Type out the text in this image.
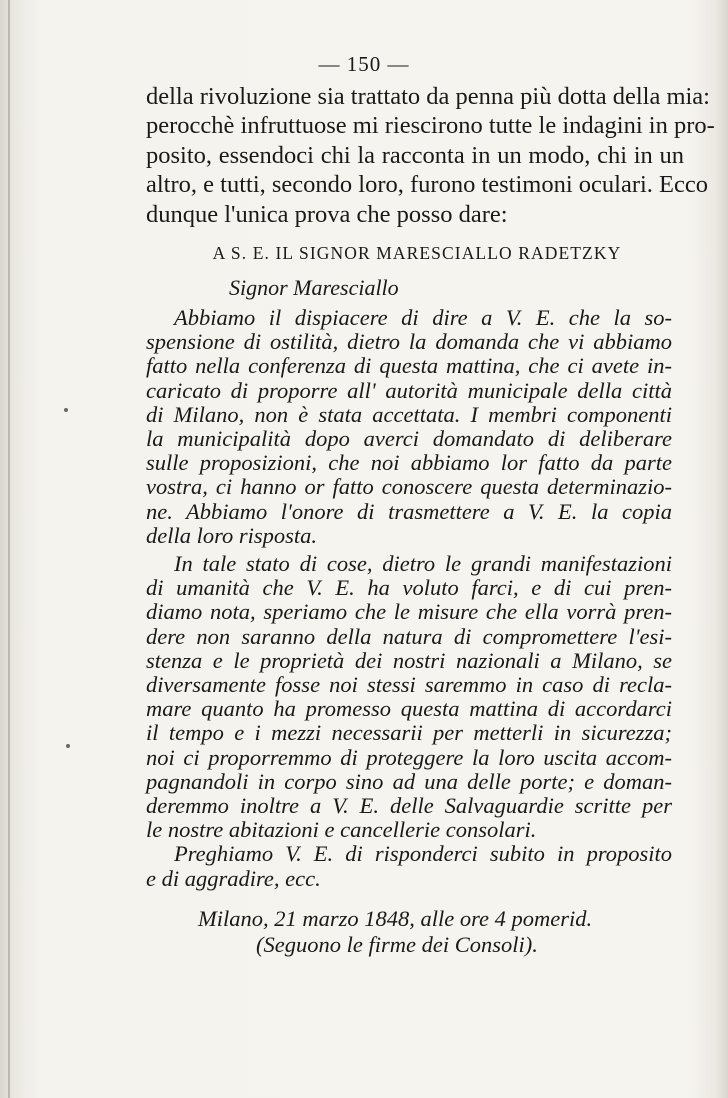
— 150 —
della rivoluzione sia trattato da penna più dotta della mia:
perocchè infruttuose mi riescirono tutte le indagini in pro-
posito, essendoci chi la racconta in un modo, chi in un
altro, e tutti, secondo loro, furono testimoni oculari. Ecco
dunque l'unica prova che posso dare:
A S. E. IL SIGNOR MARESCIALLO RADETZKY
Signor Maresciallo
Abbiamo il dispiacere di dire a V. E. che la so-
spensione di ostilità, dietro la domanda che vi abbiamo
fatto nella conferenza di questa mattina, che ci avete in-
caricato di proporre all' autorità municipale della città
di Milano, non è stata accettata. I membri componenti
la municipalità dopo averci domandato di deliberare
sulle proposizioni, che noi abbiamo lor fatto da parte
vostra, ci hanno or fatto conoscere questa determinazio-
ne. Abbiamo l'onore di trasmettere a V. E. la copia
della loro risposta.
In tale stato di cose, dietro le grandi manifestazioni
di umanità che V. E. ha voluto farci, e di cui pren-
diamo nota, speriamo che le misure che ella vorrà pren-
dere non saranno della natura di compromettere l'esi-
stenza e le proprietà dei nostri nazionali a Milano, se
diversamente fosse noi stessi saremmo in caso di recla-
mare quanto ha promesso questa mattina di accordarci
il tempo e i mezzi necessarii per metterli in sicurezza;
noi ci proporremmo di proteggere la loro uscita accom-
pagnandoli in corpo sino ad una delle porte; e doman-
deremmo inoltre a V. E. delle Salvaguardie scritte per
le nostre abitazioni e cancellerie consolari.
Preghiamo V. E. di risponderci subito in proposito
e di aggradire, ecc.
Milano, 21 marzo 1848, alle ore 4 pomerid.
(Seguono le firme dei Consoli).
